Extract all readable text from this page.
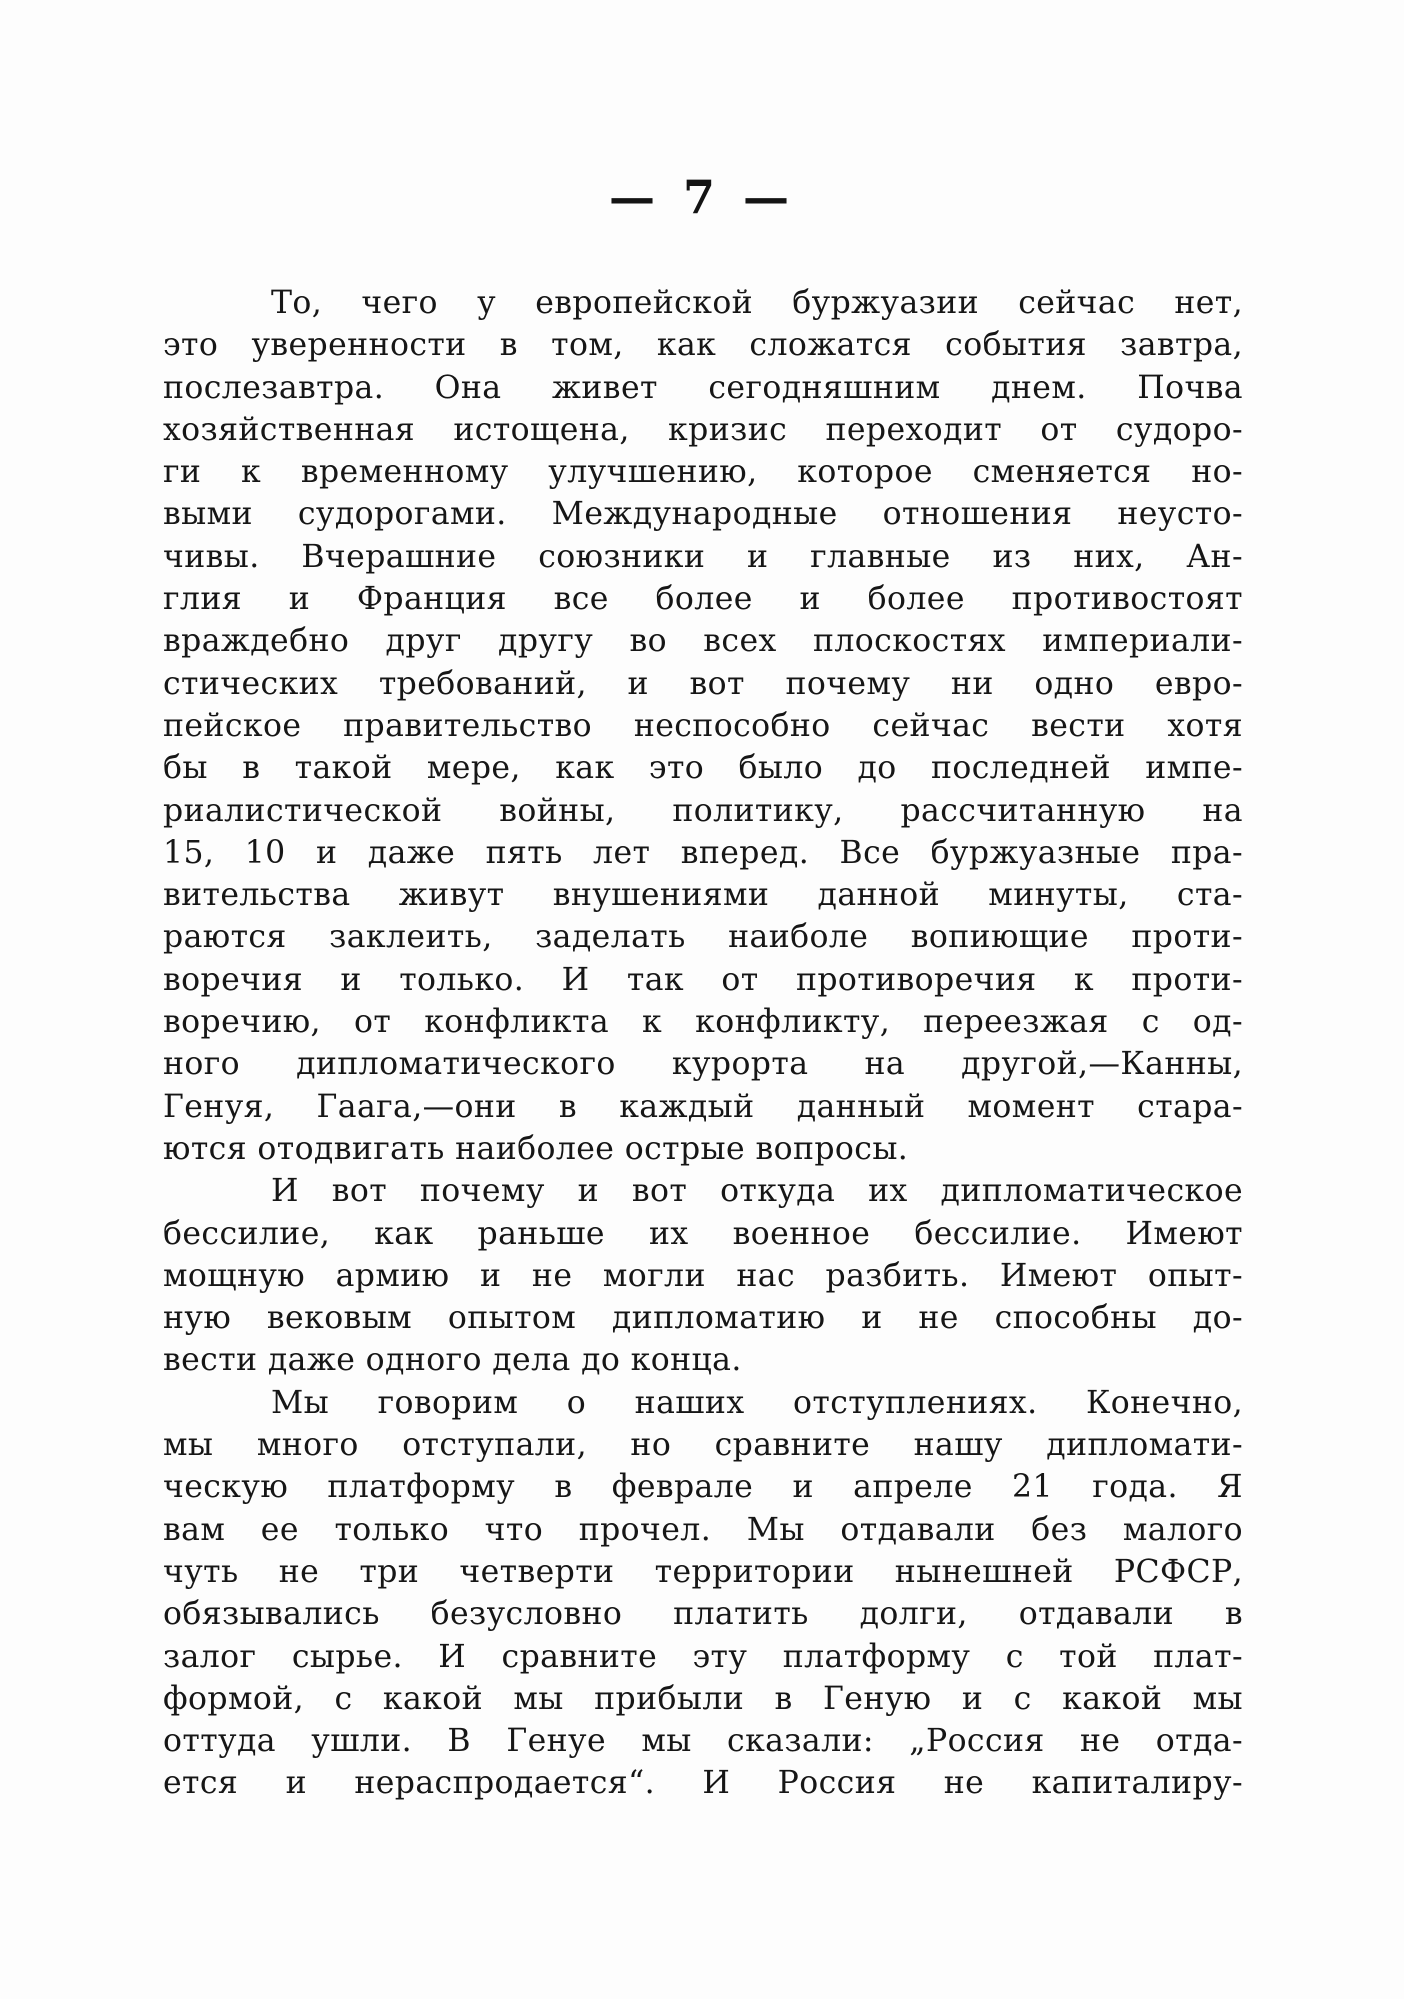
— 7 —
То, чего у европейской буржуазии сейчас нет,
это уверенности в том, как сложатся события завтра,
послезавтра. Она живет сегодняшним днем. Почва
хозяйственная истощена, кризис переходит от судоро-
ги к временному улучшению, которое сменяется но-
выми судорогами. Международные отношения неусто-
чивы. Вчерашние союзники и главные из них, Ан-
глия и Франция все более и более противостоят
враждебно друг другу во всех плоскостях империали-
стических требований, и вот почему ни одно евро-
пейское правительство неспособно сейчас вести хотя
бы в такой мере, как это было до последней импе-
риалистической войны, политику, рассчитанную на
15, 10 и даже пять лет вперед. Все буржуазные пра-
вительства живут внушениями данной минуты, ста-
раются заклеить, заделать наиболе вопиющие проти-
воречия и только. И так от противоречия к проти-
воречию, от конфликта к конфликту, переезжая с од-
ного дипломатического курорта на другой,—Канны,
Генуя, Гаага,—они в каждый данный момент стара-
ются отодвигать наиболее острые вопросы.
И вот почему и вот откуда их дипломатическое
бессилие, как раньше их военное бессилие. Имеют
мощную армию и не могли нас разбить. Имеют опыт-
ную вековым опытом дипломатию и не способны до-
вести даже одного дела до конца.
Мы говорим о наших отступлениях. Конечно,
мы много отступали, но сравните нашу дипломати-
ческую платформу в феврале и апреле 21 года. Я
вам ее только что прочел. Мы отдавали без малого
чуть не три четверти территории нынешней РСФСР,
обязывались безусловно платить долги, отдавали в
залог сырье. И сравните эту платформу с той плат-
формой, с какой мы прибыли в Геную и с какой мы
оттуда ушли. В Генуе мы сказали: „Россия не отда-
ется и нераспродается“. И Россия не капиталиру-
